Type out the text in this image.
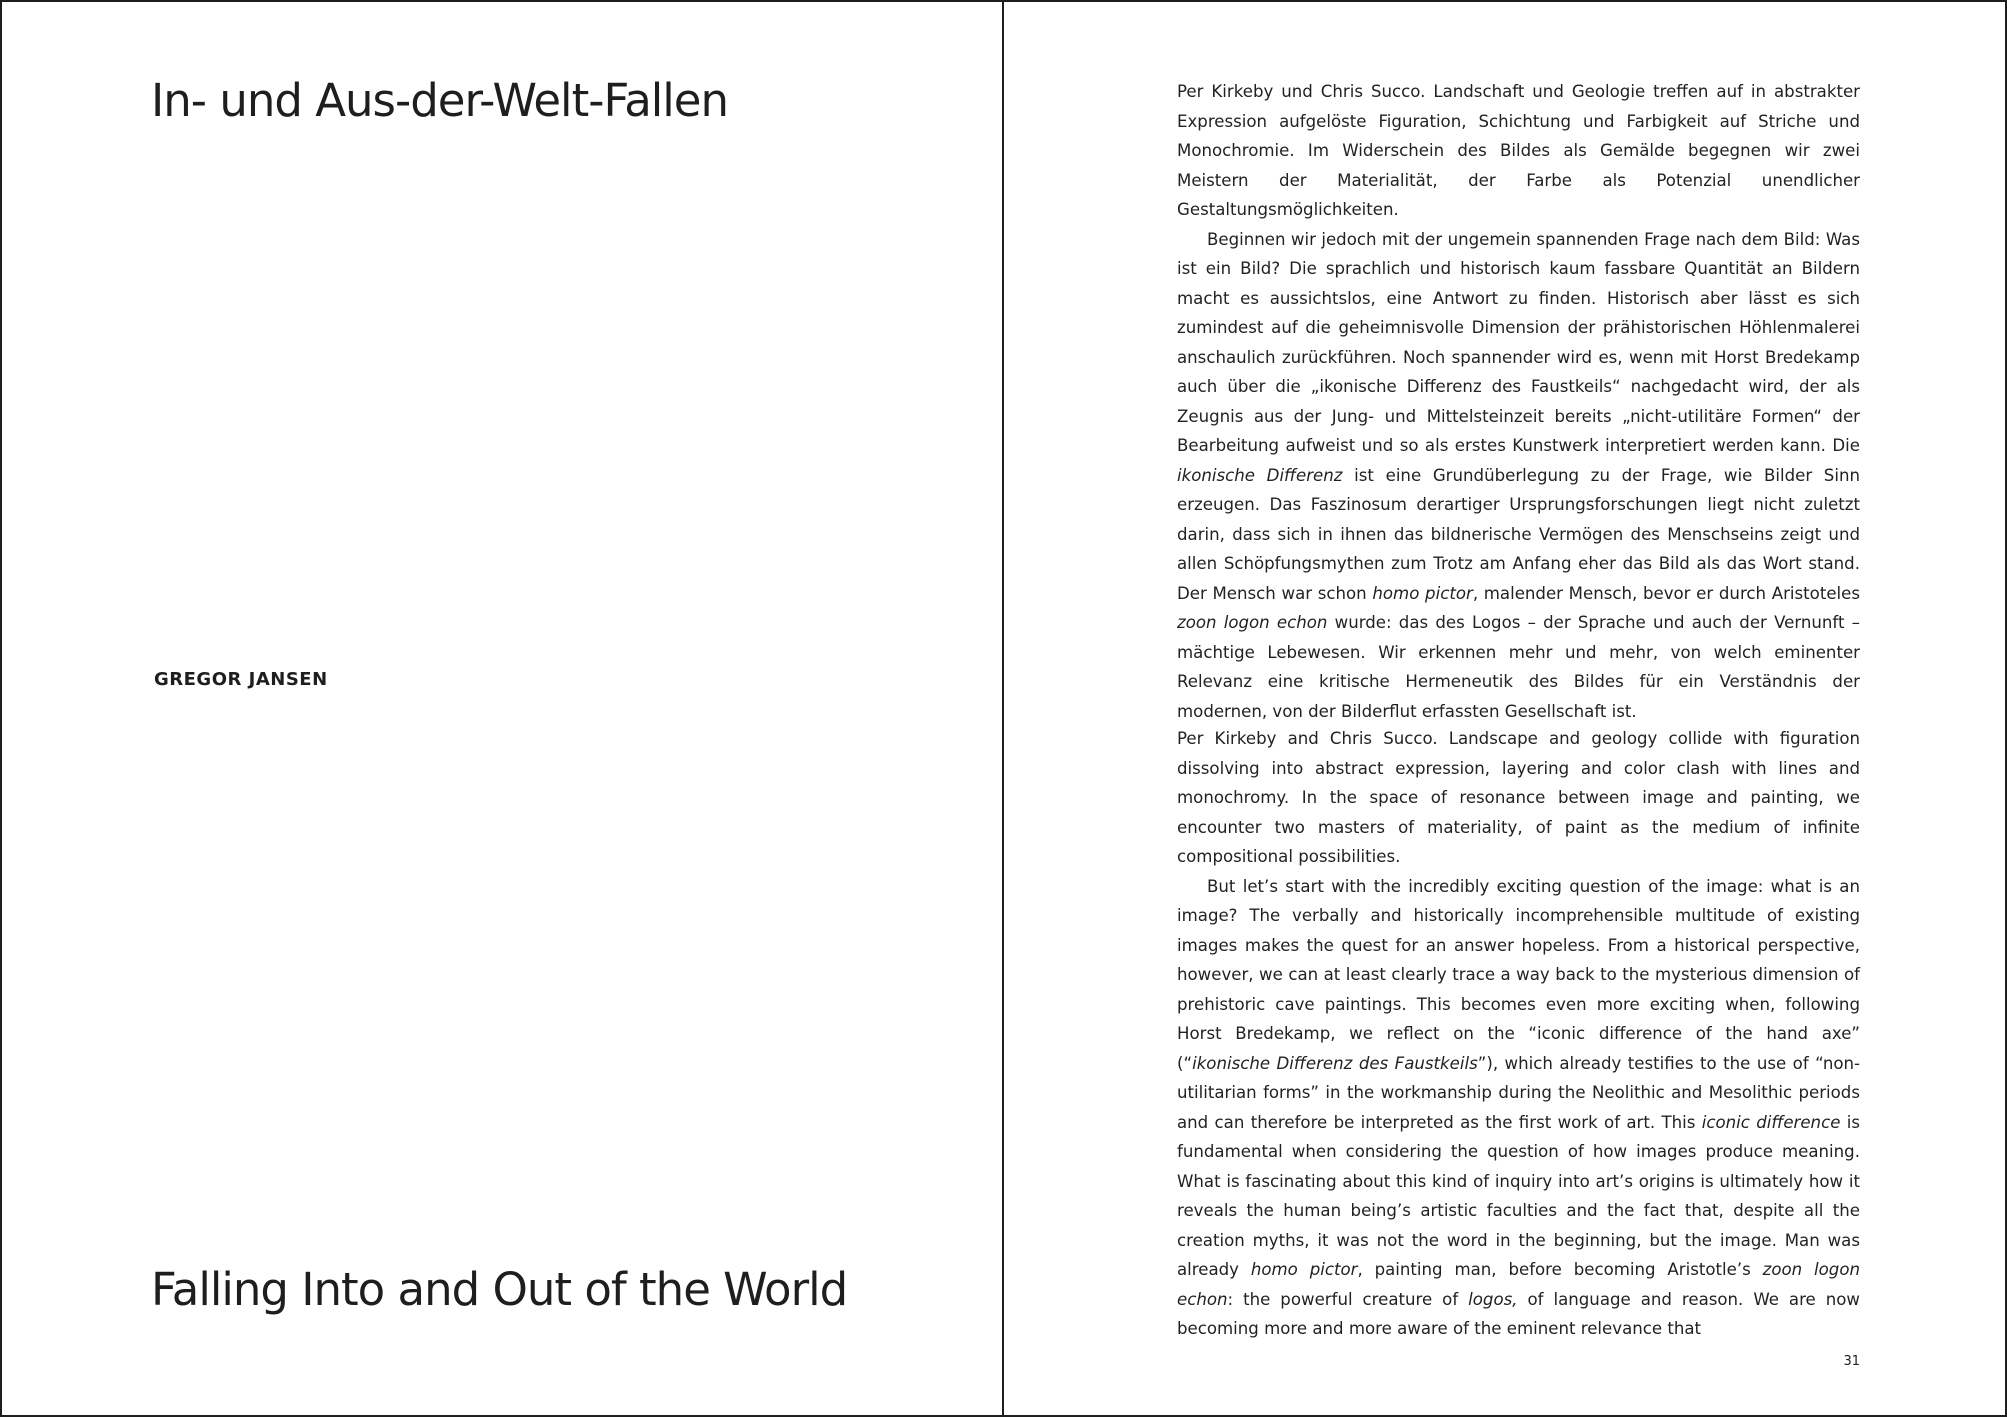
In- und Aus-der-Welt-Fallen
GREGOR JANSEN
Falling Into and Out of the World

Per Kirkeby und Chris Succo. Landschaft und Geologie treffen auf in abstrakter Expression aufgelöste Figuration, Schichtung und Farbigkeit auf Striche und Monochromie. Im Widerschein des Bildes als Gemälde begegnen wir zwei Meistern der Materialität, der Farbe als Potenzial unendlicher Gestaltungsmöglichkeiten.

Beginnen wir jedoch mit der ungemein spannenden Frage nach dem Bild: Was ist ein Bild? Die sprachlich und historisch kaum fassbare Quantität an Bildern macht es aussichtslos, eine Antwort zu finden. Historisch aber lässt es sich zumindest auf die geheimnisvolle Dimension der prähistorischen Höhlenmalerei anschaulich zurückführen. Noch spannender wird es, wenn mit Horst Bredekamp auch über die „ikonische Differenz des Faustkeils“ nachgedacht wird, der als Zeugnis aus der Jung- und Mittelsteinzeit bereits „nicht-utilitäre Formen“ der Bearbeitung aufweist und so als erstes Kunstwerk interpretiert werden kann. Die ikonische Differenz ist eine Grundüberlegung zu der Frage, wie Bilder Sinn erzeugen. Das Faszinosum derartiger Ursprungsforschungen liegt nicht zuletzt darin, dass sich in ihnen das bildnerische Vermögen des Menschseins zeigt und allen Schöpfungsmythen zum Trotz am Anfang eher das Bild als das Wort stand. Der Mensch war schon homo pictor, malender Mensch, bevor er durch Aristoteles zoon logon echon wurde: das des Logos – der Sprache und auch der Vernunft – mächtige Lebewesen. Wir erkennen mehr und mehr, von welch eminenter Relevanz eine kritische Hermeneutik des Bildes für ein Verständnis der modernen, von der Bilderflut erfassten Gesellschaft ist.

Per Kirkeby and Chris Succo. Landscape and geology collide with figuration dissolving into abstract expression, layering and color clash with lines and monochromy. In the space of resonance between image and painting, we encounter two masters of materiality, of paint as the medium of infinite compositional possibilities.

But let’s start with the incredibly exciting question of the image: what is an image? The verbally and historically incomprehensible multitude of existing images makes the quest for an answer hopeless. From a historical perspective, however, we can at least clearly trace a way back to the mysterious dimension of prehistoric cave paintings. This becomes even more exciting when, following Horst Bredekamp, we reflect on the “iconic difference of the hand axe” (“ikonische Differenz des Faustkeils”), which already testifies to the use of “non-utilitarian forms” in the workmanship during the Neolithic and Mesolithic periods and can therefore be interpreted as the first work of art. This iconic difference is fundamental when considering the question of how images produce meaning. What is fascinating about this kind of inquiry into art’s origins is ultimately how it reveals the human being’s artistic faculties and the fact that, despite all the creation myths, it was not the word in the beginning, but the image. Man was already homo pictor, painting man, before becoming Aristotle’s zoon logon echon: the powerful creature of logos, of language and reason. We are now becoming more and more aware of the eminent relevance that

31
